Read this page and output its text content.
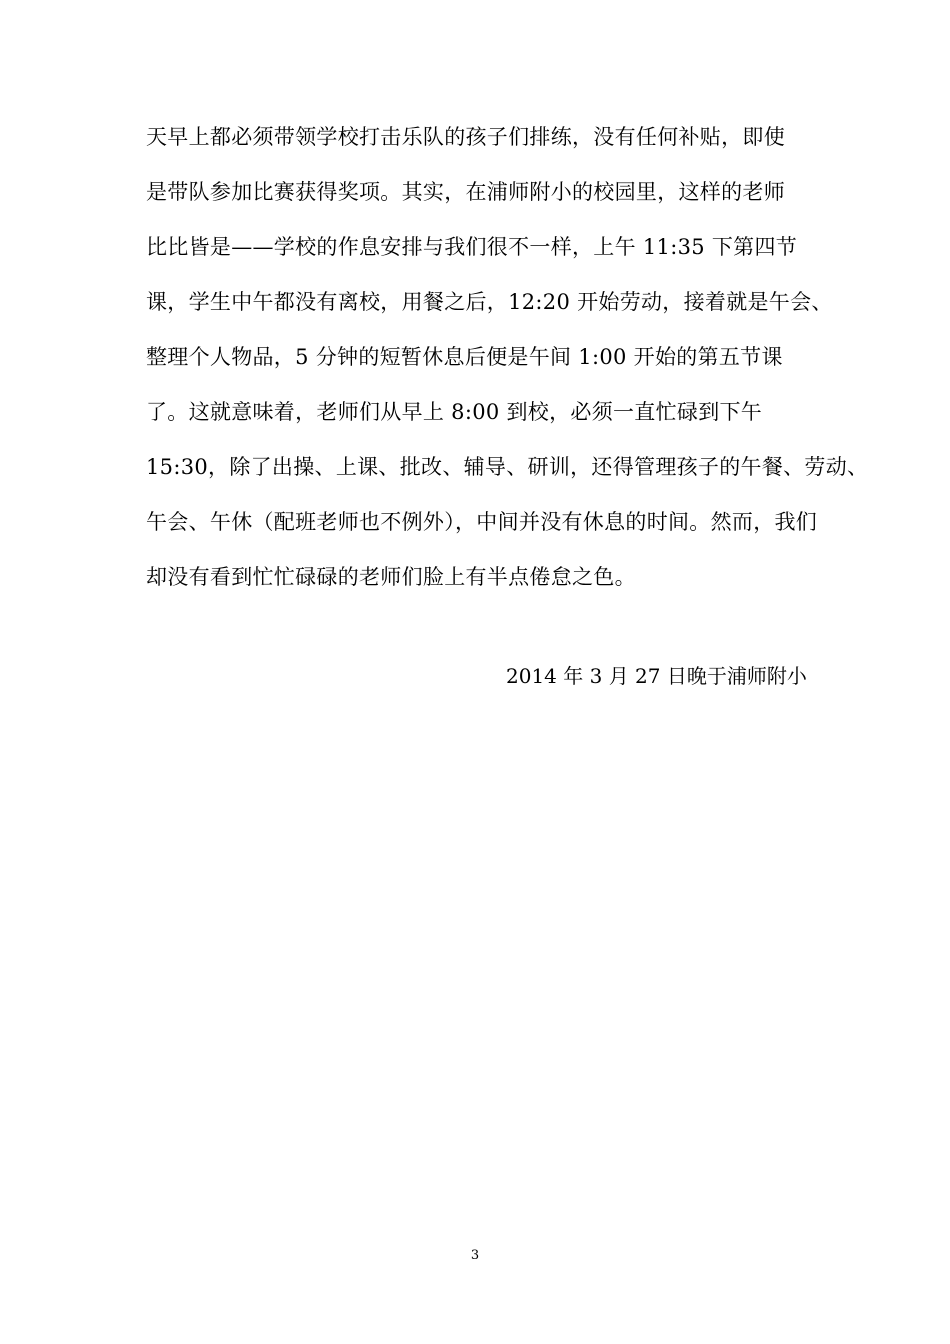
天早上都必须带领学校打击乐队的孩子们排练，没有任何补贴，即使
是带队参加比赛获得奖项。其实，在浦师附小的校园里，这样的老师
比比皆是——学校的作息安排与我们很不一样，上午 11:35 下第四节
课，学生中午都没有离校，用餐之后，12:20 开始劳动，接着就是午会、
整理个人物品，5 分钟的短暂休息后便是午间 1:00 开始的第五节课
了。这就意味着，老师们从早上 8:00 到校，必须一直忙碌到下午
15:30，除了出操、上课、批改、辅导、研训，还得管理孩子的午餐、劳动、
午会、午休（配班老师也不例外），中间并没有休息的时间。然而，我们
却没有看到忙忙碌碌的老师们脸上有半点倦怠之色。
2014 年 3 月 27 日晚于浦师附小
3
